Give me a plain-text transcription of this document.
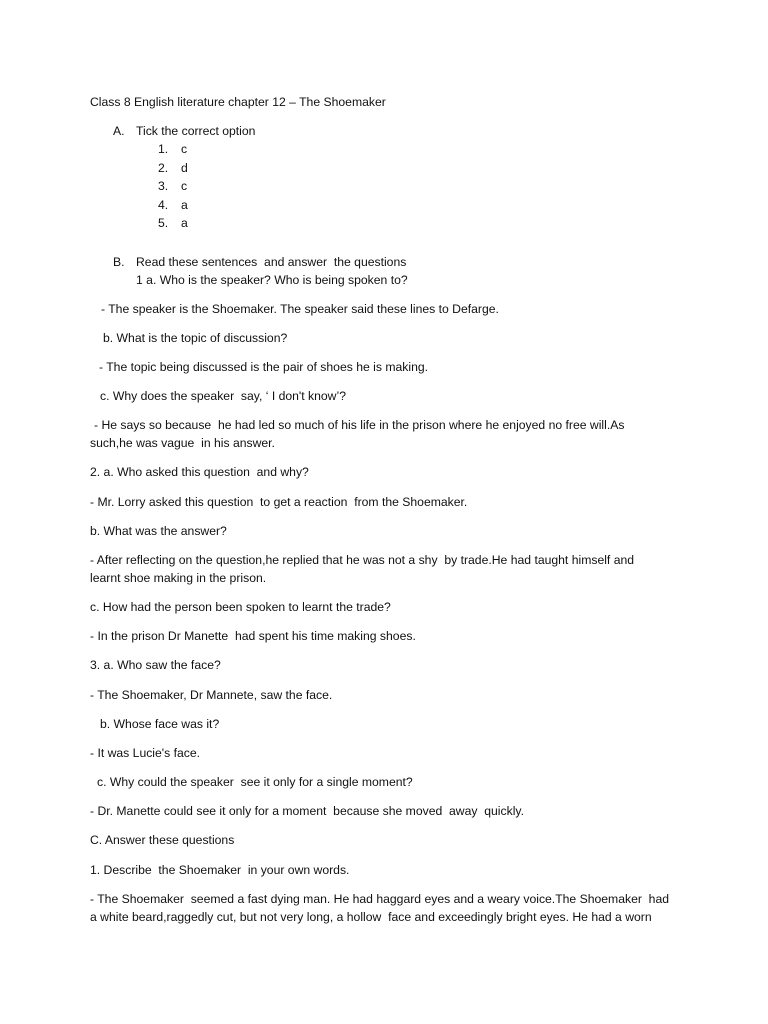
Class 8 English literature chapter 12 – The Shoemaker
A. Tick the correct option
1. c
2. d
3. c
4. a
5. a
B. Read these sentences  and answer  the questions
1 a. Who is the speaker? Who is being spoken to?
- The speaker is the Shoemaker. The speaker said these lines to Defarge.
b. What is the topic of discussion?
- The topic being discussed is the pair of shoes he is making.
c. Why does the speaker  say, ‘ I don't know’?
- He says so because  he had led so much of his life in the prison where he enjoyed no free will.As
such,he was vague  in his answer.
2. a. Who asked this question  and why?
- Mr. Lorry asked this question  to get a reaction  from the Shoemaker.
b. What was the answer?
- After reflecting on the question,he replied that he was not a shy  by trade.He had taught himself and
learnt shoe making in the prison.
c. How had the person been spoken to learnt the trade?
- In the prison Dr Manette  had spent his time making shoes.
3. a. Who saw the face?
- The Shoemaker, Dr Mannete, saw the face.
b. Whose face was it?
- It was Lucie's face.
c. Why could the speaker  see it only for a single moment?
- Dr. Manette could see it only for a moment  because she moved  away  quickly.
C. Answer these questions
1. Describe  the Shoemaker  in your own words.
- The Shoemaker  seemed a fast dying man. He had haggard eyes and a weary voice.The Shoemaker  had
a white beard,raggedly cut, but not very long, a hollow  face and exceedingly bright eyes. He had a worn
